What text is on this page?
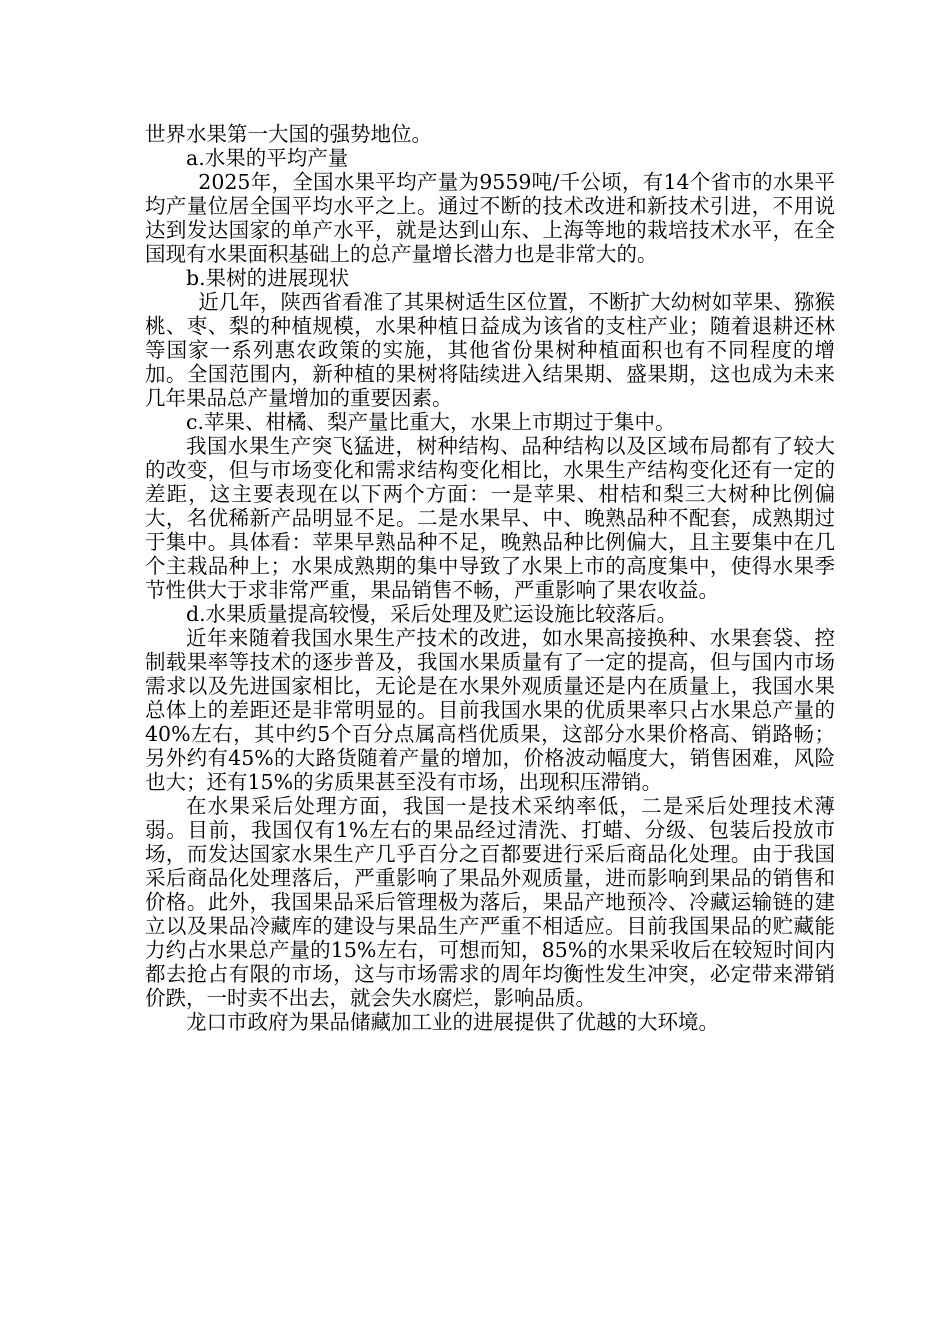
世界水果第一大国的强势地位。

a.水果的平均产量

2025年，全国水果平均产量为9559吨/千公顷，有14个省市的水果平均产量位居全国平均水平之上。通过不断的技术改进和新技术引进，不用说达到发达国家的单产水平，就是达到山东、上海等地的栽培技术水平，在全国现有水果面积基础上的总产量增长潜力也是非常大的。

b.果树的进展现状

近几年，陕西省看准了其果树适生区位置，不断扩大幼树如苹果、猕猴桃、枣、梨的种植规模，水果种植日益成为该省的支柱产业；随着退耕还林等国家一系列惠农政策的实施，其他省份果树种植面积也有不同程度的增加。全国范围内，新种植的果树将陆续进入结果期、盛果期，这也成为未来几年果品总产量增加的重要因素。

c.苹果、柑橘、梨产量比重大，水果上市期过于集中。

我国水果生产突飞猛进，树种结构、品种结构以及区域布局都有了较大的改变，但与市场变化和需求结构变化相比，水果生产结构变化还有一定的差距，这主要表现在以下两个方面：一是苹果、柑桔和梨三大树种比例偏大，名优稀新产品明显不足。二是水果早、中、晚熟品种不配套，成熟期过于集中。具体看：苹果早熟品种不足，晚熟品种比例偏大，且主要集中在几个主栽品种上；水果成熟期的集中导致了水果上市的高度集中，使得水果季节性供大于求非常严重，果品销售不畅，严重影响了果农收益。

d.水果质量提高较慢，采后处理及贮运设施比较落后。

近年来随着我国水果生产技术的改进，如水果高接换种、水果套袋、控制载果率等技术的逐步普及，我国水果质量有了一定的提高，但与国内市场需求以及先进国家相比，无论是在水果外观质量还是内在质量上，我国水果总体上的差距还是非常明显的。目前我国水果的优质果率只占水果总产量的40%左右，其中约5个百分点属高档优质果，这部分水果价格高、销路畅；另外约有45%的大路货随着产量的增加，价格波动幅度大，销售困难，风险也大；还有15%的劣质果甚至没有市场，出现积压滞销。

在水果采后处理方面，我国一是技术采纳率低，二是采后处理技术薄弱。目前，我国仅有1%左右的果品经过清洗、打蜡、分级、包装后投放市场，而发达国家水果生产几乎百分之百都要进行采后商品化处理。由于我国采后商品化处理落后，严重影响了果品外观质量，进而影响到果品的销售和价格。此外，我国果品采后管理极为落后，果品产地预冷、冷藏运输链的建立以及果品冷藏库的建设与果品生产严重不相适应。目前我国果品的贮藏能力约占水果总产量的15%左右，可想而知，85%的水果采收后在较短时间内都去抢占有限的市场，这与市场需求的周年均衡性发生冲突，必定带来滞销价跌，一时卖不出去，就会失水腐烂，影响品质。

龙口市政府为果品储藏加工业的进展提供了优越的大环境。
